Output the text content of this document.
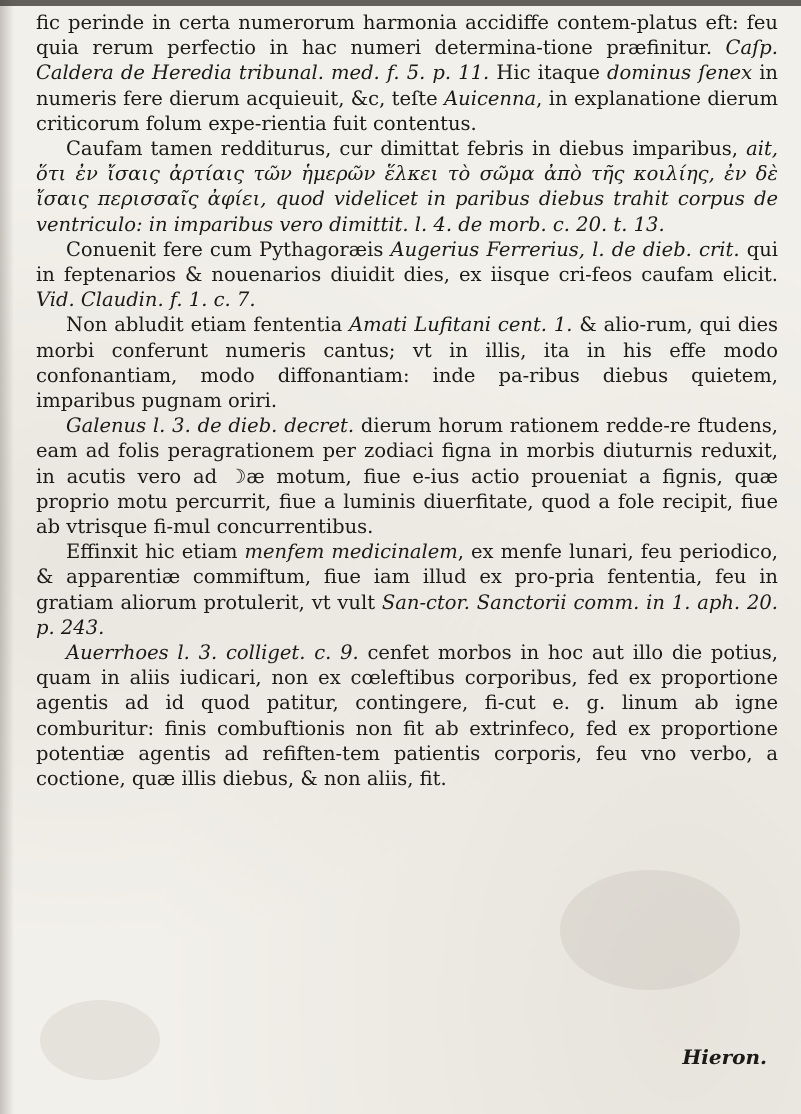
fic perinde in certa numerorum harmonia accidiffe contem-platus eft: feu quia rerum perfectio in hac numeri determina-tione præfinitur. Caſp. Caldera de Heredia tribunal. med. f. 5. p. 11. Hic itaque dominus ſenex in numeris fere dierum acquieuit, &c, teſte Auicenna, in explanatione dierum criticorum folum expe-rientia fuit contentus.

Caufam tamen redditurus, cur dimittat febris in diebus imparibus, ait, ὅτι ἐν ἴσαις ἀρτίαις τῶν ἡμερῶν ἕλκει τὸ σῶμα ἀπὸ τῆς κοιλίης, ἐν δὲ ἴσαις περισσαῖς ἀφίει, quod videlicet in paribus diebus trahit corpus de ventriculo: in imparibus vero dimittit. l. 4. de morb. c. 20. t. 13.

Conuenit fere cum Pythagoræis Augerius Ferrerius, l. de dieb. crit. qui in feptenarios & nouenarios diuidit dies, ex iisque cri-feos caufam elicit. Vid. Claudin. f. 1. c. 7.

Non abludit etiam fententia Amati Lufitani cent. 1. & alio-rum, qui dies morbi conferunt numeris cantus; vt in illis, ita in his effe modo confonantiam, modo diffonantiam: inde pa-ribus diebus quietem, imparibus pugnam oriri.

Galenus l. 3. de dieb. decret. dierum horum rationem redde-re ftudens, eam ad folis peragrationem per zodiaci figna in morbis diuturnis reduxit, in acutis vero ad ☽æ motum, fiue e-ius actio proueniat a fignis, quæ proprio motu percurrit, fiue a luminis diuerfitate, quod a fole recipit, fiue ab vtrisque fi-mul concurrentibus.

Effinxit hic etiam menfem medicinalem, ex menfe lunari, feu periodico, & apparentiæ commiftum, fiue iam illud ex pro-pria fententia, feu in gratiam aliorum protulerit, vt vult San-ctor. Sanctorii comm. in 1. aph. 20. p. 243.

Auerrhoes l. 3. colliget. c. 9. cenfet morbos in hoc aut illo die potius, quam in aliis iudicari, non ex cœleftibus corporibus, fed ex proportione agentis ad id quod patitur, contingere, fi-cut e. g. linum ab igne comburitur: finis combuftionis non fit ab extrinfeco, fed ex proportione potentiæ agentis ad refiften-tem patientis corporis, feu vno verbo, a coctione, quæ illis diebus, & non aliis, fit.

Hieron.
